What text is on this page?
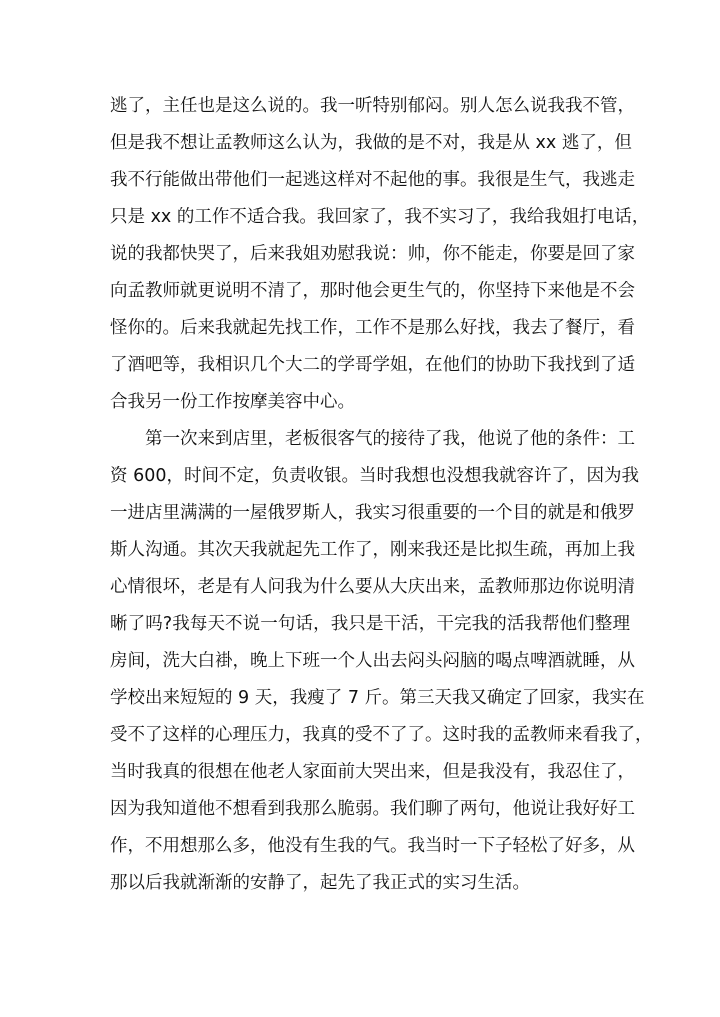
逃了，主任也是这么说的。我一听特别郁闷。别人怎么说我我不管，
但是我不想让孟教师这么认为，我做的是不对，我是从 xx 逃了，但
我不行能做出带他们一起逃这样对不起他的事。我很是生气，我逃走
只是 xx 的工作不适合我。我回家了，我不实习了，我给我姐打电话，
说的我都快哭了，后来我姐劝慰我说：帅，你不能走，你要是回了家
向孟教师就更说明不清了，那时他会更生气的，你坚持下来他是不会
怪你的。后来我就起先找工作，工作不是那么好找，我去了餐厅，看
了酒吧等，我相识几个大二的学哥学姐，在他们的协助下我找到了适
合我另一份工作按摩美容中心。
第一次来到店里，老板很客气的接待了我，他说了他的条件：工
资 600，时间不定，负责收银。当时我想也没想我就容许了，因为我
一进店里满满的一屋俄罗斯人，我实习很重要的一个目的就是和俄罗
斯人沟通。其次天我就起先工作了，刚来我还是比拟生疏，再加上我
心情很坏，老是有人问我为什么要从大庆出来，孟教师那边你说明清
晰了吗?我每天不说一句话，我只是干活，干完我的活我帮他们整理
房间，洗大白褂，晚上下班一个人出去闷头闷脑的喝点啤酒就睡，从
学校出来短短的 9 天，我瘦了 7 斤。第三天我又确定了回家，我实在
受不了这样的心理压力，我真的受不了了。这时我的孟教师来看我了，
当时我真的很想在他老人家面前大哭出来，但是我没有，我忍住了，
因为我知道他不想看到我那么脆弱。我们聊了两句，他说让我好好工
作，不用想那么多，他没有生我的气。我当时一下子轻松了好多，从
那以后我就渐渐的安静了，起先了我正式的实习生活。
